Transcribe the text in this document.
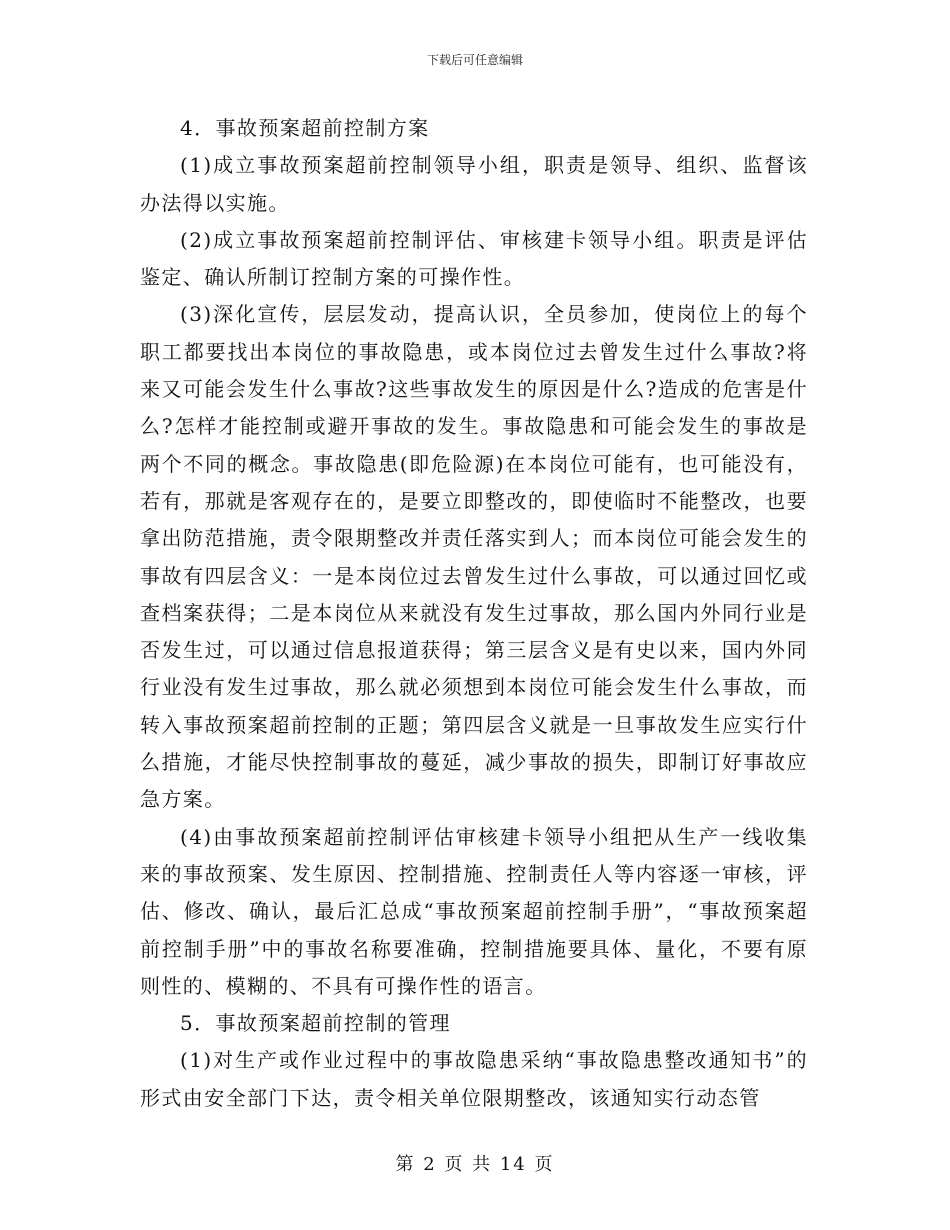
下载后可任意编辑

4．事故预案超前控制方案

(1)成立事故预案超前控制领导小组，职责是领导、组织、监督该办法得以实施。

(2)成立事故预案超前控制评估、审核建卡领导小组。职责是评估鉴定、确认所制订控制方案的可操作性。

(3)深化宣传，层层发动，提高认识，全员参加，使岗位上的每个职工都要找出本岗位的事故隐患，或本岗位过去曾发生过什么事故?将来又可能会发生什么事故?这些事故发生的原因是什么?造成的危害是什么?怎样才能控制或避开事故的发生。事故隐患和可能会发生的事故是两个不同的概念。事故隐患(即危险源)在本岗位可能有，也可能没有，若有，那就是客观存在的，是要立即整改的，即使临时不能整改，也要拿出防范措施，责令限期整改并责任落实到人；而本岗位可能会发生的事故有四层含义：一是本岗位过去曾发生过什么事故，可以通过回忆或查档案获得；二是本岗位从来就没有发生过事故，那么国内外同行业是否发生过，可以通过信息报道获得；第三层含义是有史以来，国内外同行业没有发生过事故，那么就必须想到本岗位可能会发生什么事故，而转入事故预案超前控制的正题；第四层含义就是一旦事故发生应实行什么措施，才能尽快控制事故的蔓延，减少事故的损失，即制订好事故应急方案。

(4)由事故预案超前控制评估审核建卡领导小组把从生产一线收集来的事故预案、发生原因、控制措施、控制责任人等内容逐一审核，评估、修改、确认，最后汇总成“事故预案超前控制手册”，“事故预案超前控制手册”中的事故名称要准确，控制措施要具体、量化，不要有原则性的、模糊的、不具有可操作性的语言。

5．事故预案超前控制的管理

(1)对生产或作业过程中的事故隐患采纳“事故隐患整改通知书”的形式由安全部门下达，责令相关单位限期整改，该通知实行动态管

第 2 页 共 14 页
